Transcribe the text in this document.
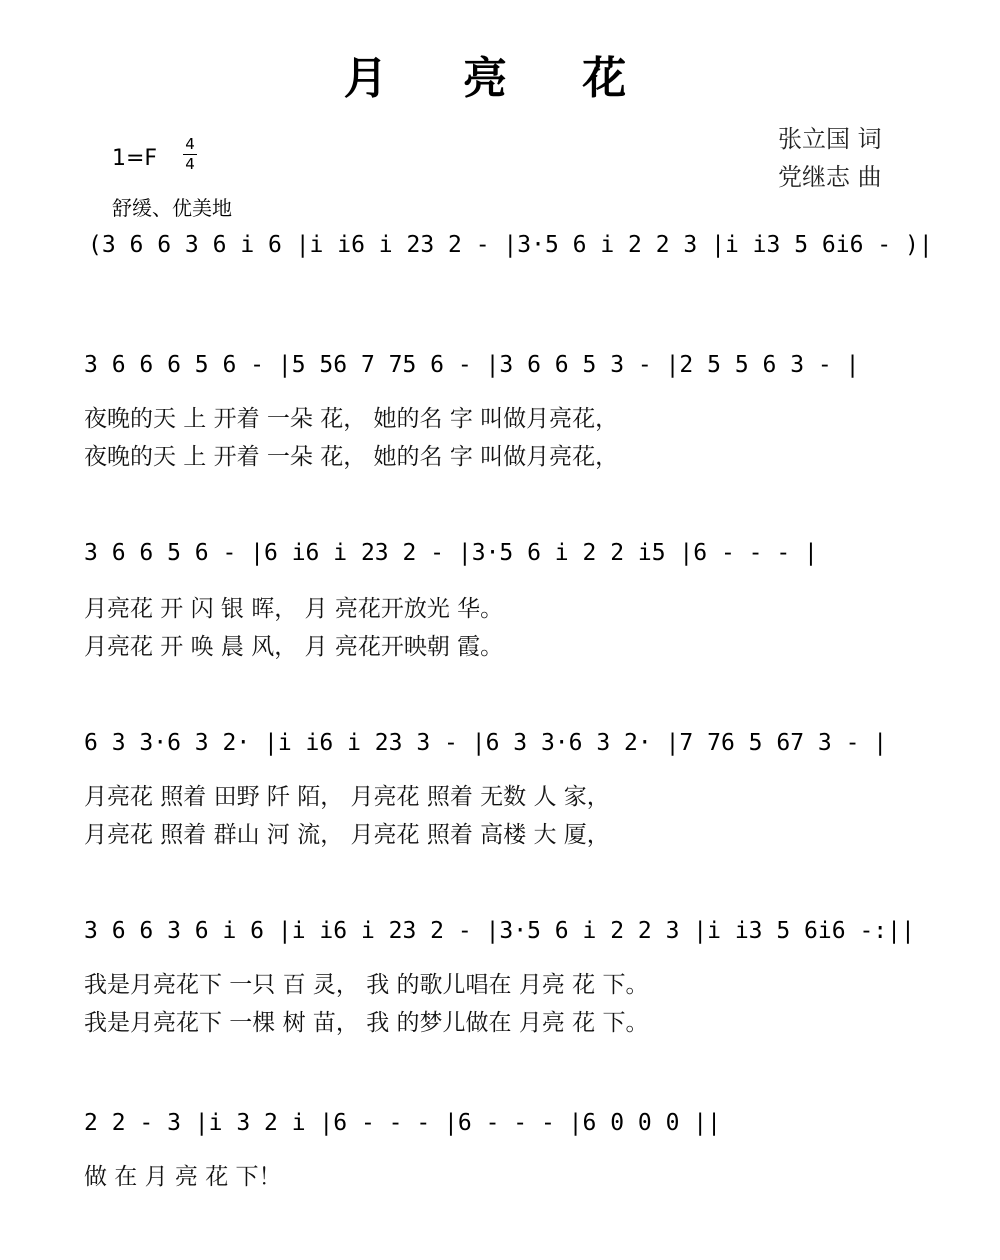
月 亮 花
张立国 词
党继志 曲
1=F
4
4
舒缓、优美地
(3 6 6 3 6 i 6 |i i6 i 23 2 - |3·5 6 i 2 2 3 |i i3 5 6i6 - )|
3 6 6 6 5 6 - |5 56 7 75 6 - |3 6 6 5 3 - |2 5 5 6 3 - |
夜晚的天 上 开着 一朵 花， 她的名 字 叫做月亮花，
夜晚的天 上 开着 一朵 花， 她的名 字 叫做月亮花，
3 6 6 5 6 - |6 i6 i 23 2 - |3·5 6 i 2 2 i5 |6 - - - |
月亮花 开 闪 银 晖， 月 亮花开放光 华。
月亮花 开 唤 晨 风， 月 亮花开映朝 霞。
6 3 3·6 3 2· |i i6 i 23 3 - |6 3 3·6 3 2· |7 76 5 67 3 - |
月亮花 照着 田野 阡 陌， 月亮花 照着 无数 人 家，
月亮花 照着 群山 河 流， 月亮花 照着 高楼 大 厦，
3 6 6 3 6 i 6 |i i6 i 23 2 - |3·5 6 i 2 2 3 |i i3 5 6i6 -:||
我是月亮花下 一只 百 灵， 我 的歌儿唱在 月亮 花 下。
我是月亮花下 一棵 树 苗， 我 的梦儿做在 月亮 花 下。
2 2 - 3 |i 3 2 i |6 - - - |6 - - - |6 0 0 0 ||
做 在 月 亮 花 下！
